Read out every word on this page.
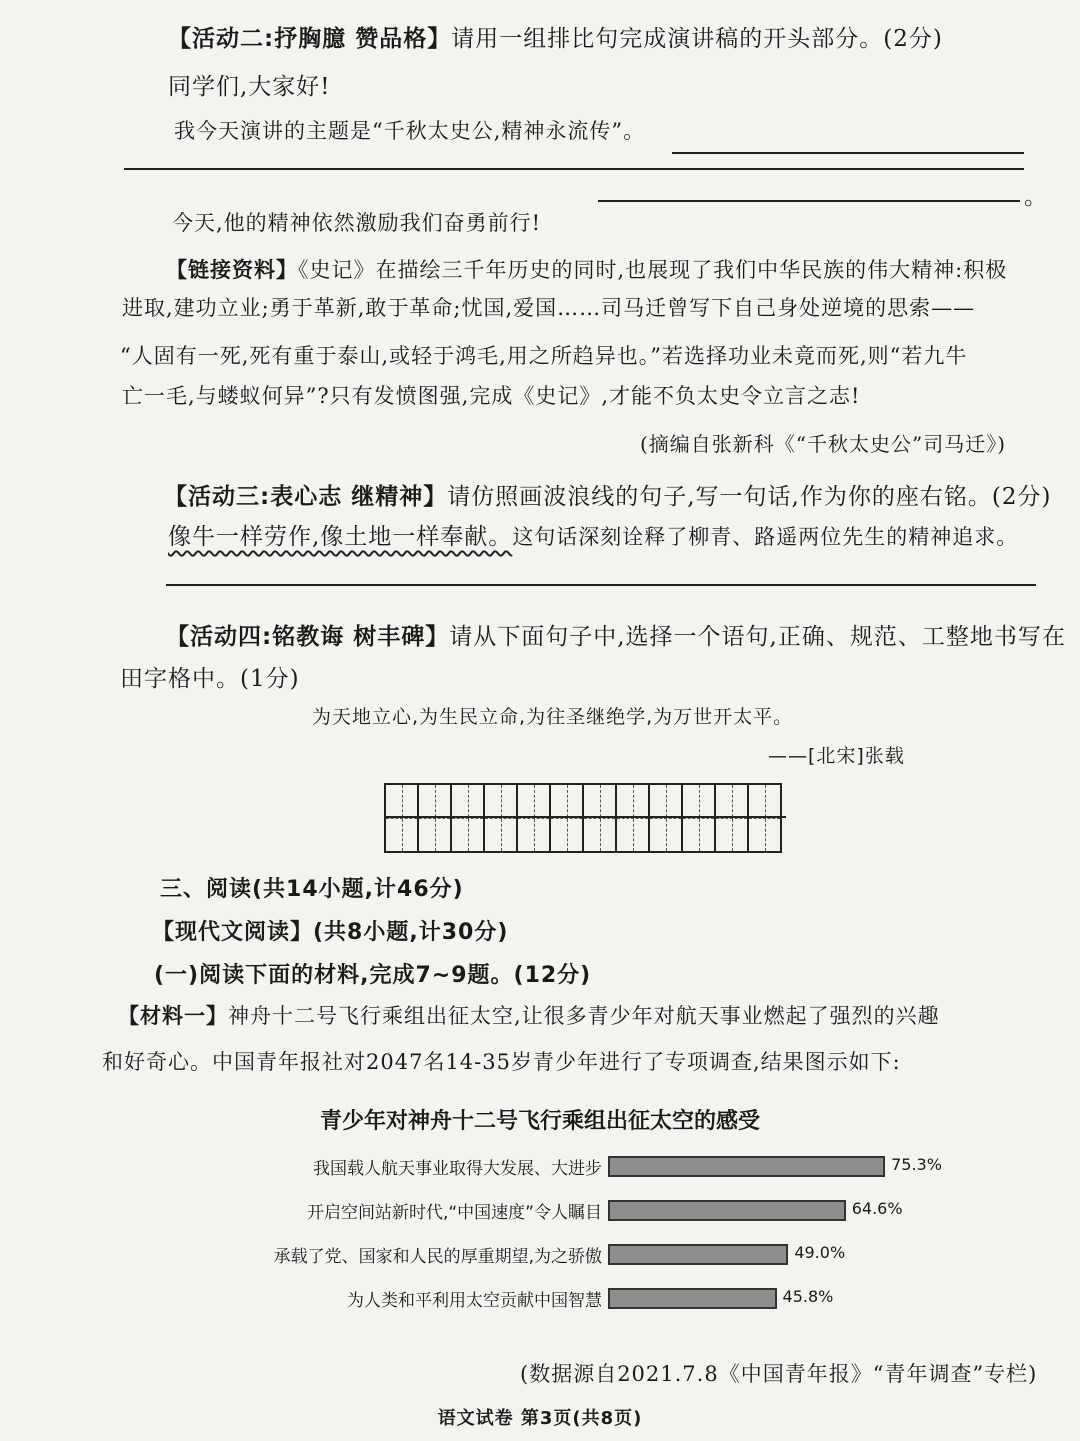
【活动二:抒胸臆 赞品格】请用一组排比句完成演讲稿的开头部分。(2分)
同学们,大家好!
我今天演讲的主题是“千秋太史公,精神永流传”。
。
今天,他的精神依然激励我们奋勇前行!
【链接资料】《史记》在描绘三千年历史的同时,也展现了我们中华民族的伟大精神:积极
进取,建功立业;勇于革新,敢于革命;忧国,爱国……司马迁曾写下自己身处逆境的思索——
“人固有一死,死有重于泰山,或轻于鸿毛,用之所趋异也。”若选择功业未竟而死,则“若九牛
亡一毛,与蝼蚁何异”?只有发愤图强,完成《史记》,才能不负太史令立言之志!
(摘编自张新科《“千秋太史公”司马迁》)
【活动三:表心志 继精神】请仿照画波浪线的句子,写一句话,作为你的座右铭。(2分)
像牛一样劳作,像土地一样奉献。这句话深刻诠释了柳青、路遥两位先生的精神追求。
【活动四:铭教诲 树丰碑】请从下面句子中,选择一个语句,正确、规范、工整地书写在
田字格中。(1分)
为天地立心,为生民立命,为往圣继绝学,为万世开太平。
——[北宋]张载
三、阅读(共14小题,计46分)
【现代文阅读】(共8小题,计30分)
(一)阅读下面的材料,完成7~9题。(12分)
【材料一】神舟十二号飞行乘组出征太空,让很多青少年对航天事业燃起了强烈的兴趣
和好奇心。中国青年报社对2047名14-35岁青少年进行了专项调查,结果图示如下:
青少年对神舟十二号飞行乘组出征太空的感受
我国载人航天事业取得大发展、大进步	75.3%
开启空间站新时代,“中国速度”令人瞩目	64.6%
承载了党、国家和人民的厚重期望,为之骄傲	49.0%
为人类和平利用太空贡献中国智慧	45.8%
(数据源自2021.7.8《中国青年报》“青年调查”专栏)
语文试卷 第3页(共8页)
